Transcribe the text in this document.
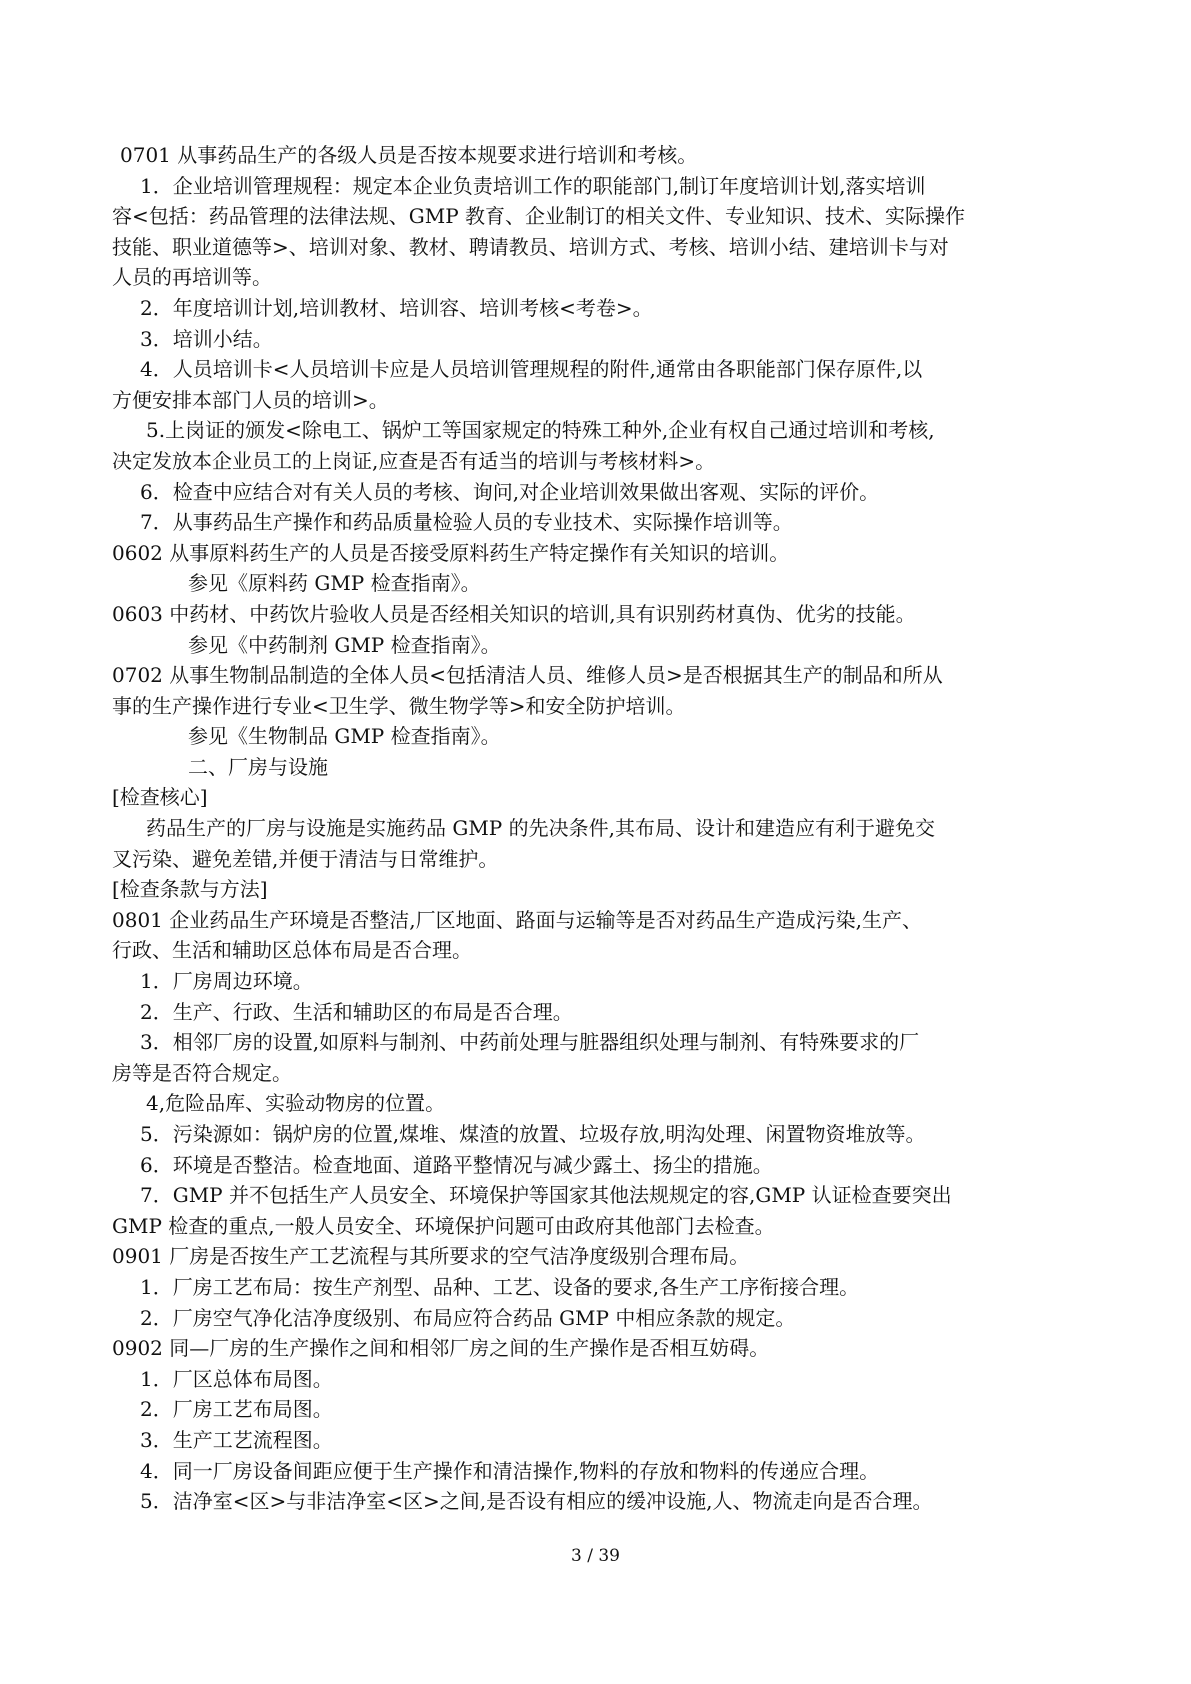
0701 从事药品生产的各级人员是否按本规要求进行培训和考核。
1．企业培训管理规程：规定本企业负责培训工作的职能部门,制订年度培训计划,落实培训
容<包括：药品管理的法律法规、GMP 教育、企业制订的相关文件、专业知识、技术、实际操作
技能、职业道德等>、培训对象、教材、聘请教员、培训方式、考核、培训小结、建培训卡与对
人员的再培训等。
2．年度培训计划,培训教材、培训容、培训考核<考卷>。
3．培训小结。
4．人员培训卡<人员培训卡应是人员培训管理规程的附件,通常由各职能部门保存原件,以
方便安排本部门人员的培训>。
5.上岗证的颁发<除电工、锅炉工等国家规定的特殊工种外,企业有权自己通过培训和考核,
决定发放本企业员工的上岗证,应查是否有适当的培训与考核材料>。
6．检查中应结合对有关人员的考核、询问,对企业培训效果做出客观、实际的评价。
7．从事药品生产操作和药品质量检验人员的专业技术、实际操作培训等。
0602 从事原料药生产的人员是否接受原料药生产特定操作有关知识的培训。
参见《原料药 GMP 检查指南》。
0603 中药材、中药饮片验收人员是否经相关知识的培训,具有识别药材真伪、优劣的技能。
参见《中药制剂 GMP 检查指南》。
0702 从事生物制品制造的全体人员<包括清洁人员、维修人员>是否根据其生产的制品和所从
事的生产操作进行专业<卫生学、微生物学等>和安全防护培训。
参见《生物制品 GMP 检查指南》。
二、厂房与设施
[检查核心]
药品生产的厂房与设施是实施药品 GMP 的先决条件,其布局、设计和建造应有利于避免交
叉污染、避免差错,并便于清洁与日常维护。
[检查条款与方法]
0801 企业药品生产环境是否整洁,厂区地面、路面与运输等是否对药品生产造成污染,生产、
行政、生活和辅助区总体布局是否合理。
1．厂房周边环境。
2．生产、行政、生活和辅助区的布局是否合理。
3．相邻厂房的设置,如原料与制剂、中药前处理与脏器组织处理与制剂、有特殊要求的厂
房等是否符合规定。
4,危险品库、实验动物房的位置。
5．污染源如：锅炉房的位置,煤堆、煤渣的放置、垃圾存放,明沟处理、闲置物资堆放等。
6．环境是否整洁。检查地面、道路平整情况与减少露土、扬尘的措施。
7．GMP 并不包括生产人员安全、环境保护等国家其他法规规定的容,GMP 认证检查要突出
GMP 检查的重点,一般人员安全、环境保护问题可由政府其他部门去检查。
0901 厂房是否按生产工艺流程与其所要求的空气洁净度级别合理布局。
1．厂房工艺布局：按生产剂型、品种、工艺、设备的要求,各生产工序衔接合理。
2．厂房空气净化洁净度级别、布局应符合药品 GMP 中相应条款的规定。
0902 同—厂房的生产操作之间和相邻厂房之间的生产操作是否相互妨碍。
1．厂区总体布局图。
2．厂房工艺布局图。
3．生产工艺流程图。
4．同一厂房设备间距应便于生产操作和清洁操作,物料的存放和物料的传递应合理。
5．洁净室<区>与非洁净室<区>之间,是否设有相应的缓冲设施,人、物流走向是否合理。
3 / 39
